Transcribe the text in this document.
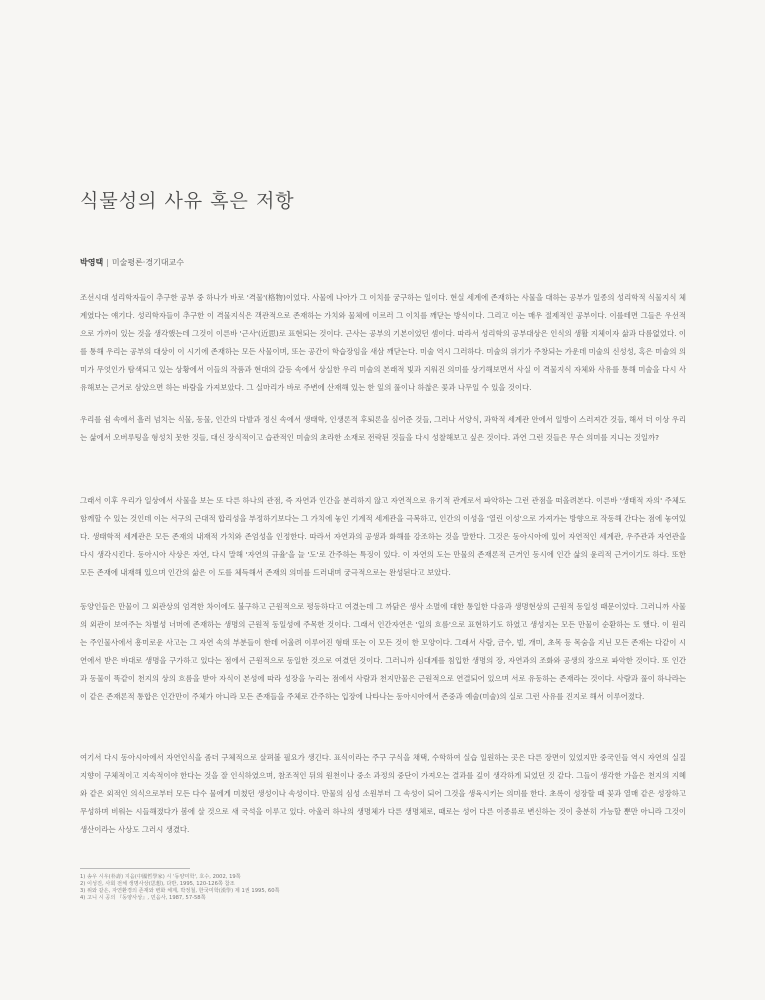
식물성의 사유 혹은 저항
박영택 | 미술평론·경기대교수

조선시대 성리학자들이 추구한 공부 중 하나가 바로 '격물'(格物)이었다. 사물에 나아가 그 이치를 궁구하는 일이다. 현실 세계에 존재하는 사물을 대하는 공부가 일종의 성리학적 식물지식 체계였다는 얘기다. 성리학자들이 추구한 이 격물지식은 객관적으로 존재하는 가치와 물체에 이르러 그 이치를 깨닫는 방식이다. 그리고 이는 매우 절제적인 공부이다. 이를테면 그들은 우선적으로 가까이 있는 것을 생각했는데 그것이 이른바 '근사'(近思)로 표현되는 것이다. 근사는 공부의 기본이었던 셈이다. 따라서 성리학의 공부대상은 인식의 생활 지체이자 삶과 다름없었다. 이를 통해 우리는 공부의 대상이 이 시기에 존재하는 모든 사물이며, 또는 공간이 학습장임을 새삼 깨닫는다. 미술 역시 그러하다. 미술의 위기가 주창되는 가운데 미술의 신성성, 혹은 미술의 의미가 무엇인가 탐색되고 있는 상황에서 이들의 작품과 현대의 갈등 속에서 상실한 우리 미술의 본래적 빛과 지워진 의미를 상기해보면서 사실 이 격물지식 자체와 사유를 통해 미술을 다시 사유해보는 근거로 삼았으면 하는 바람을 가져보았다. 그 실마리가 바로 주변에 산재해 있는 한 잎의 풀이나 하찮은 꽃과 나무일 수 있을 것이다.

우리를 쉼 속에서 흘러 넘치는 식물, 동물, 인간의 다발과 정신 속에서 생태학, 인생론적 후퇴론을 심어준 것들, 그러나 서양식, 과학적 세계관 안에서 일방이 스러져간 것들, 해서 더 이상 우리는 삶에서 오버루팅을 형성치 못한 것들, 대신 장식적이고 습관적인 미술의 초라한 소재로 전락된 것들을 다시 성찰해보고 싶은 것이다. 과연 그런 것들은 무슨 의미를 지니는 것일까?

그래서 이후 우리가 일상에서 사물을 보는 또 다른 하나의 관점, 즉 자연과 인간을 분리하지 않고 자연적으로 유기적 관계로서 파악하는 그런 관점을 떠올려본다. 이른바 '생태적 자의' 주체도 함께할 수 있는 것인데 이는 서구의 근대적 합리성을 부정하기보다는 그 가치에 놓인 기계적 세계관을 극복하고, 인간의 이성을 '열린 이성'으로 가져가는 방향으로 작동해 간다는 점에 놓여있다. 생태학적 세계관은 모든 존재의 내재적 가치와 존엄성을 인정한다. 따라서 자연과의 공생과 화해를 강조하는 것을 말한다. 그것은 동아시아에 있어 자연적인 세계관, 우주관과 자연관을 다시 생각시킨다. 동아시아 사상은 자연, 다시 말해 '자연의 규율'을 늘 '도'로 간주하는 특징이 있다. 이 자연의 도는 만물의 존재론적 근거인 동시에 인간 삶의 윤리적 근거이기도 하다. 또한 모든 존재에 내재해 있으며 인간의 삶은 이 도를 체득해서 존재의 의미를 드러내며 궁극적으로는 완성된다고 보았다.

동양인들은 만물이 그 외관상의 엄격한 차이에도 불구하고 근원적으로 평등하다고 여겼는데 그 까닭은 생사 소멸에 대한 통일한 다음과 생명현상의 근원적 동일성 때문이었다. 그러니까 사물의 외관이 보여주는 차별성 너머에 존재하는 생명의 근원적 동일성에 주목한 것이다. 그래서 인간자연은 '일의 흐름'으로 표현하기도 하였고 생성지는 모든 만물이 순환하는 도 했다. 이 원리는 주인물사에서 흥미로운 사고는 그 자연 속의 부분들이 한데 어울려 이루어진 형태 또는 이 모든 것이 한 모양이다. 그래서 사람, 금수, 벌, 개미, 초목 등 목숨을 지닌 모든 존재는 다같이 시연에서 받은 바대로 생명을 구가하고 있다는 점에서 근원적으로 동일한 것으로 여겼던 것이다. 그러니까 심대계를 침입한 생명의 장, 자연과의 조화와 공생의 장으로 파악한 것이다. 또 인간과 동물이 똑같이 천지의 상의 흐름을 받아 자식이 본성에 따라 성장을 누리는 점에서 사람과 천지만물은 근원적으로 연결되어 있으며 서로 유동하는 존재라는 것이다. 사람과 풀이 하나라는 이 같은 존재론적 통합은 인간만이 주체가 아니라 모든 존재들을 주체로 간주하는 입장에 나타나는 동아시아에서 존중과 예술(미술)의 실로 그런 사유를 진지로 해서 이루어졌다.

여기서 다시 동아시아에서 자연인식을 좀더 구체적으로 살펴볼 필요가 생긴다. 표식이라는 주구 구식을 채택, 수학하여 실습 일원하는 곳은 다른 장면이 있었지만 중국인들 역시 자연의 실질지향이 구체적이고 지속적이야 한다는 것을 잘 인식하였으며, 참조적인 뒤의 원천이나 중소 과정의 중단이 가져오는 결과를 깊이 생각하게 되었던 것 같다. 그들이 생각한 가을은 천지의 지혜와 같은 외적인 의식으로부터 모든 다수 물에게 미쳤던 생성이나 속성이다. 만물의 심성 소원부터 그 속성이 되어 그것을 생육시키는 의미를 한다. 초록이 성장할 때 꽃과 열매 같은 성장하고 무성하며 비워는 시들해졌다가 봄에 살 것으로 새 국석을 이루고 있다. 아울러 하나의 생명체가 다른 생명체로, 때로는 성어 다른 이종류로 변신하는 것이 충분히 가능할 뿐만 아니라 그것이 생산이라는 사상도 그러시 생겼다.

1) 송우 시우(朴壽) 지음(中國哲學家) 시 '동양미학', 호수, 2002, 19쪽
2) 이성진, 사회 전체 생명사상(思想), 다반, 1995, 120-126쪽 참조
3) 위와 같은, 자연환경의 존재와 변화 체계, 박정철, 한국미학(漢學) 제 1권 1995, 60쪽
4) 고니 시 공의 『동양사상』, 민음사, 1987, 57-58쪽
